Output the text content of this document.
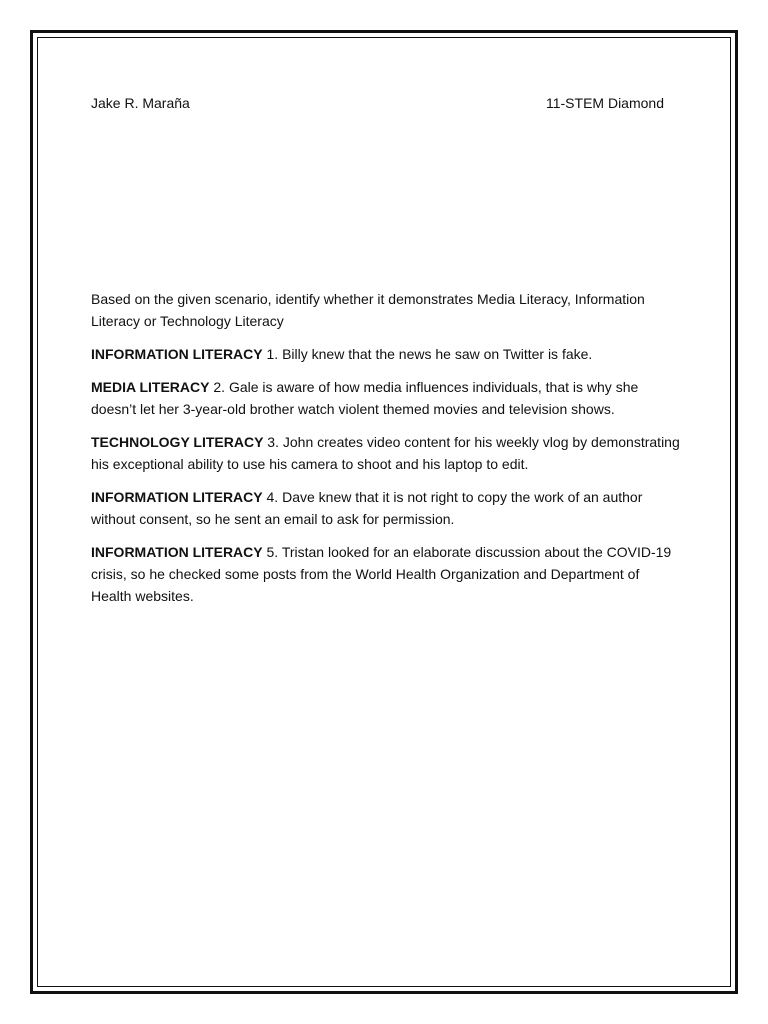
Jake R. Maraña	11-STEM Diamond

Based on the given scenario, identify whether it demonstrates Media Literacy, Information Literacy or Technology Literacy

INFORMATION LITERACY 1. Billy knew that the news he saw on Twitter is fake.

MEDIA LITERACY 2. Gale is aware of how media influences individuals, that is why she doesn’t let her 3-year-old brother watch violent themed movies and television shows.

TECHNOLOGY LITERACY 3. John creates video content for his weekly vlog by demonstrating his exceptional ability to use his camera to shoot and his laptop to edit.

INFORMATION LITERACY 4. Dave knew that it is not right to copy the work of an author without consent, so he sent an email to ask for permission.

INFORMATION LITERACY 5. Tristan looked for an elaborate discussion about the COVID-19 crisis, so he checked some posts from the World Health Organization and Department of Health websites.
